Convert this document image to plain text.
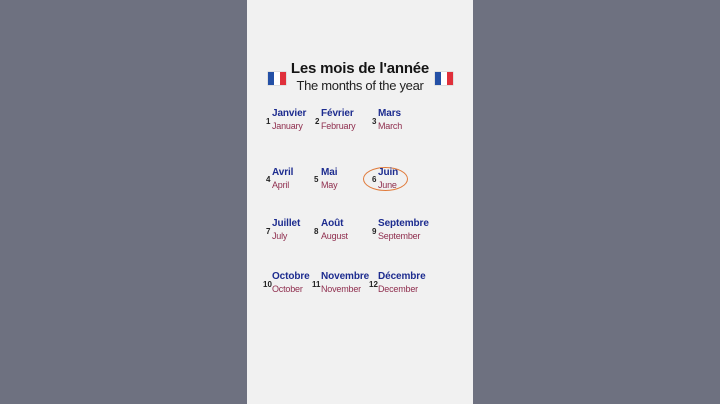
Les mois de l'année
The months of the year
1
Janvier
January 2
Février
February 3
Mars
March
4
Avril
April
5
Mai
May
6
Juin
June
7
Juillet
July	8
Août
August	9
Septembre
September
10
Octobre
October 11
Novembre
November 12
Décembre
December
